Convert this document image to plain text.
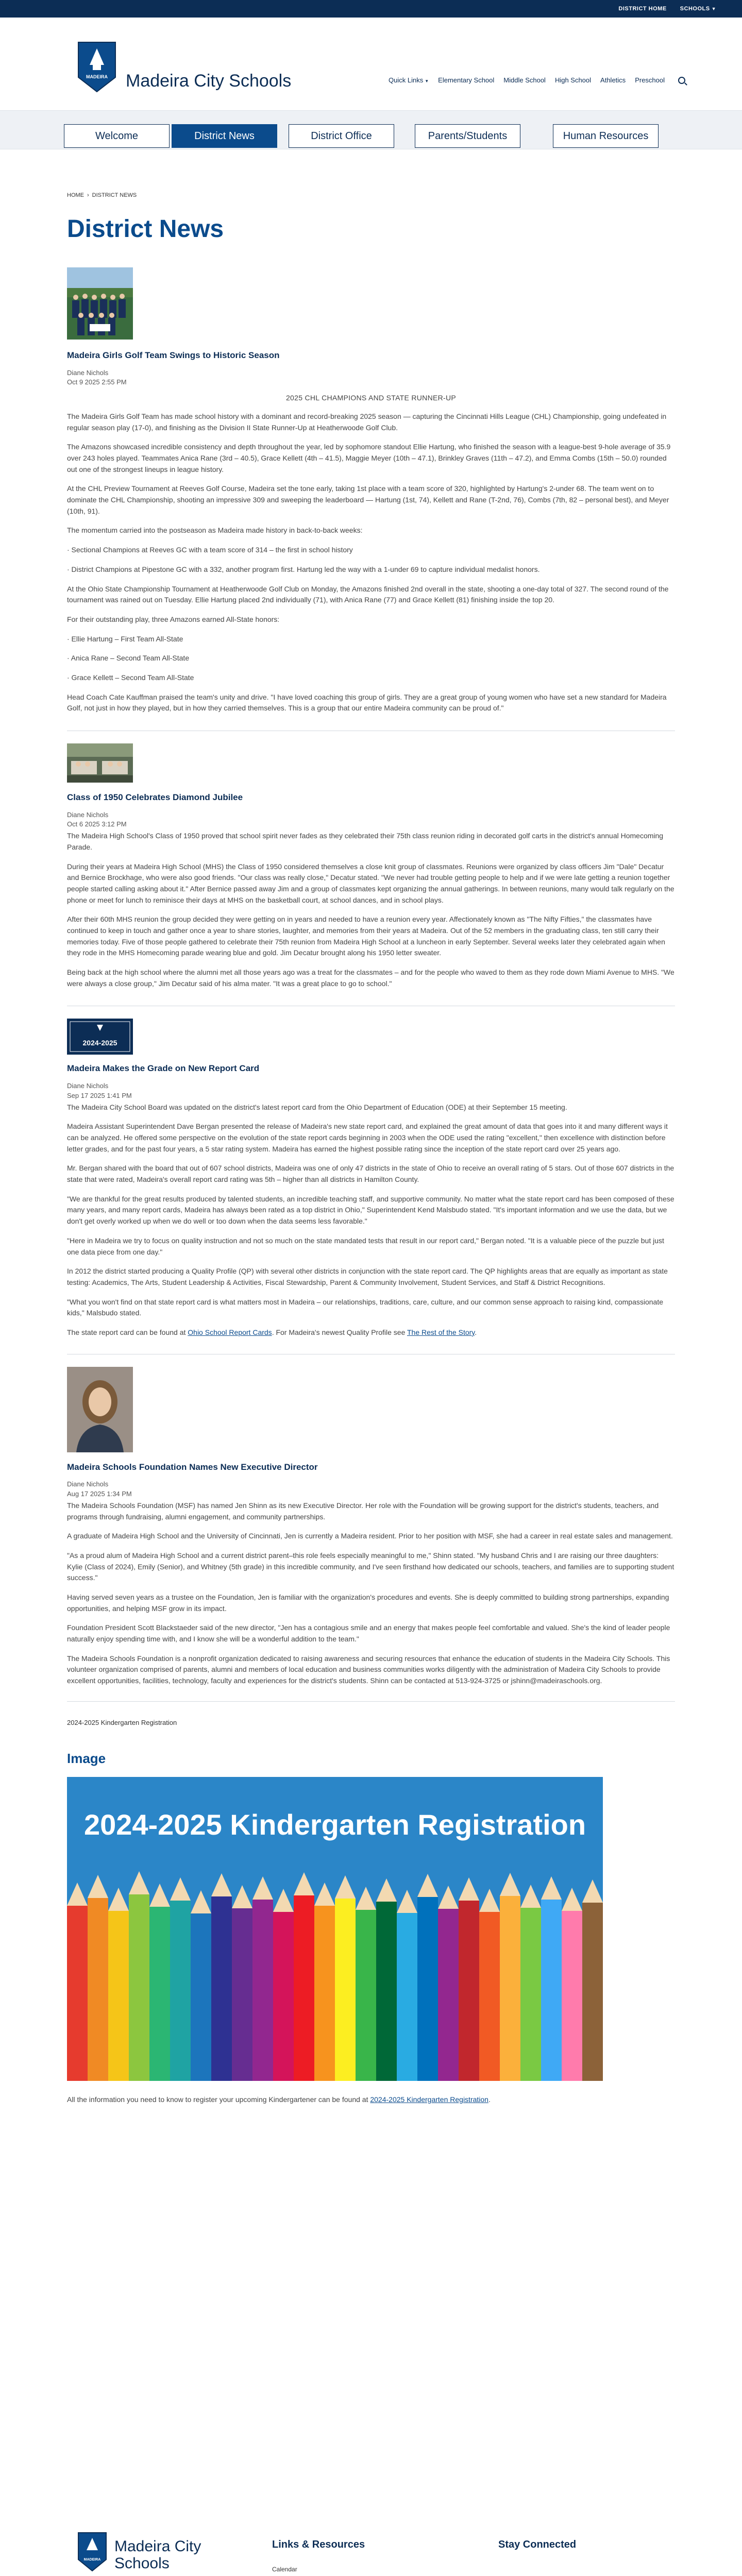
DISTRICT HOME SCHOOLS ▼
MADEIRA Madeira City Schools	Quick Links ▼ Elementary School Middle School High School Athletics Preschool
Welcome	District News	District Office	Parents/Students	Human Resources
HOME › DISTRICT NEWS
District News
Madeira Girls Golf Team Swings to Historic Season
Diane Nichols
Oct 9 2025 2:55 PM

2025 CHL CHAMPIONS AND STATE RUNNER-UP

The Madeira Girls Golf Team has made school history with a dominant and record-breaking 2025 season — capturing the Cincinnati Hills League (CHL) Championship, going undefeated in regular season play (17-0), and finishing as the Division II State Runner-Up at Heatherwoode Golf Club.

The Amazons showcased incredible consistency and depth throughout the year, led by sophomore standout Ellie Hartung, who finished the season with a league-best 9-hole average of 35.9 over 243 holes played. Teammates Anica Rane (3rd – 40.5), Grace Kellett (4th – 41.5), Maggie Meyer (10th – 47.1), Brinkley Graves (11th – 47.2), and Emma Combs (15th – 50.0) rounded out one of the strongest lineups in league history.

At the CHL Preview Tournament at Reeves Golf Course, Madeira set the tone early, taking 1st place with a team score of 320, highlighted by Hartung's 2-under 68. The team went on to dominate the CHL Championship, shooting an impressive 309 and sweeping the leaderboard — Hartung (1st, 74), Kellett and Rane (T-2nd, 76), Combs (7th, 82 – personal best), and Meyer (10th, 91).

The momentum carried into the postseason as Madeira made history in back-to-back weeks:

· Sectional Champions at Reeves GC with a team score of 314 – the first in school history

· District Champions at Pipestone GC with a 332, another program first. Hartung led the way with a 1-under 69 to capture individual medalist honors.

At the Ohio State Championship Tournament at Heatherwoode Golf Club on Monday, the Amazons finished 2nd overall in the state, shooting a one-day total of 327. The second round of the tournament was rained out on Tuesday. Ellie Hartung placed 2nd individually (71), with Anica Rane (77) and Grace Kellett (81) finishing inside the top 20.

For their outstanding play, three Amazons earned All-State honors:

· Ellie Hartung – First Team All-State

· Anica Rane – Second Team All-State

· Grace Kellett – Second Team All-State

Head Coach Cate Kauffman praised the team's unity and drive. "I have loved coaching this group of girls. They are a great group of young women who have set a new standard for Madeira Golf, not just in how they played, but in how they carried themselves. This is a group that our entire Madeira community can be proud of."

Class of 1950 Celebrates Diamond Jubilee
Diane Nichols
Oct 6 2025 3:12 PM

The Madeira High School's Class of 1950 proved that school spirit never fades as they celebrated their 75th class reunion riding in decorated golf carts in the district's annual Homecoming Parade.

During their years at Madeira High School (MHS) the Class of 1950 considered themselves a close knit group of classmates. Reunions were organized by class officers Jim "Dale" Decatur and Bernice Brockhage, who were also good friends. "Our class was really close," Decatur stated. "We never had trouble getting people to help and if we were late getting a reunion together people started calling asking about it." After Bernice passed away Jim and a group of classmates kept organizing the annual gatherings. In between reunions, many would talk regularly on the phone or meet for lunch to reminisce their days at MHS on the basketball court, at school dances, and in school plays.

After their 60th MHS reunion the group decided they were getting on in years and needed to have a reunion every year. Affectionately known as "The Nifty Fifties," the classmates have continued to keep in touch and gather once a year to share stories, laughter, and memories from their years at Madeira. Out of the 52 members in the graduating class, ten still carry their memories today. Five of those people gathered to celebrate their 75th reunion from Madeira High School at a luncheon in early September. Several weeks later they celebrated again when they rode in the MHS Homecoming parade wearing blue and gold. Jim Decatur brought along his 1950 letter sweater.

Being back at the high school where the alumni met all those years ago was a treat for the classmates – and for the people who waved to them as they rode down Miami Avenue to MHS. "We were always a close group," Jim Decatur said of his alma mater. "It was a great place to go to school."

2024-2025
Madeira Makes the Grade on New Report Card
Diane Nichols
Sep 17 2025 1:41 PM

The Madeira City School Board was updated on the district's latest report card from the Ohio Department of Education (ODE) at their September 15 meeting.

Madeira Assistant Superintendent Dave Bergan presented the release of Madeira's new state report card, and explained the great amount of data that goes into it and many different ways it can be analyzed. He offered some perspective on the evolution of the state report cards beginning in 2003 when the ODE used the rating "excellent," then excellence with distinction before letter grades, and for the past four years, a 5 star rating system. Madeira has earned the highest possible rating since the inception of the state report card over 25 years ago.

Mr. Bergan shared with the board that out of 607 school districts, Madeira was one of only 47 districts in the state of Ohio to receive an overall rating of 5 stars. Out of those 607 districts in the state that were rated, Madeira's overall report card rating was 5th – higher than all districts in Hamilton County.

"We are thankful for the great results produced by talented students, an incredible teaching staff, and supportive community. No matter what the state report card has been composed of these many years, and many report cards, Madeira has always been rated as a top district in Ohio," Superintendent Kend Malsbudo stated. "It's important information and we use the data, but we don't get overly worked up when we do well or too down when the data seems less favorable."

"Here in Madeira we try to focus on quality instruction and not so much on the state mandated tests that result in our report card," Bergan noted. "It is a valuable piece of the puzzle but just one data piece from one day."

In 2012 the district started producing a Quality Profile (QP) with several other districts in conjunction with the state report card. The QP highlights areas that are equally as important as state testing: Academics, The Arts, Student Leadership & Activities, Fiscal Stewardship, Parent & Community Involvement, Student Services, and Staff & District Recognitions.

"What you won't find on that state report card is what matters most in Madeira – our relationships, traditions, care, culture, and our common sense approach to raising kind, compassionate kids," Malsbudo stated.

The state report card can be found at Ohio School Report Cards. For Madeira's newest Quality Profile see The Rest of the Story.

Madeira Schools Foundation Names New Executive Director
Diane Nichols
Aug 17 2025 1:34 PM

The Madeira Schools Foundation (MSF) has named Jen Shinn as its new Executive Director. Her role with the Foundation will be growing support for the district's students, teachers, and programs through fundraising, alumni engagement, and community partnerships.

A graduate of Madeira High School and the University of Cincinnati, Jen is currently a Madeira resident. Prior to her position with MSF, she had a career in real estate sales and management.

"As a proud alum of Madeira High School and a current district parent–this role feels especially meaningful to me," Shinn stated. "My husband Chris and I are raising our three daughters: Kylie (Class of 2024), Emily (Senior), and Whitney (5th grade) in this incredible community, and I've seen firsthand how dedicated our schools, teachers, and families are to supporting student success."

Having served seven years as a trustee on the Foundation, Jen is familiar with the organization's procedures and events. She is deeply committed to building strong partnerships, expanding opportunities, and helping MSF grow in its impact.

Foundation President Scott Blackstaeder said of the new director, "Jen has a contagious smile and an energy that makes people feel comfortable and valued. She's the kind of leader people naturally enjoy spending time with, and I know she will be a wonderful addition to the team."

The Madeira Schools Foundation is a nonprofit organization dedicated to raising awareness and securing resources that enhance the education of students in the Madeira City Schools. This volunteer organization comprised of parents, alumni and members of local education and business communities works diligently with the administration of Madeira City Schools to provide excellent opportunities, facilities, technology, faculty and experiences for the district's students. Shinn can be contacted at 513-924-3725 or jshinn@madeiraschools.org.

2024-2025 Kindergarten Registration
Image
2024-2025 Kindergarten Registration

All the information you need to know to register your upcoming Kindergartener can be found at 2024-2025 Kindergarten Registration.

MADEIRA
Madeira City
Schools
Links & Resources
Calendar
Stay Connected
